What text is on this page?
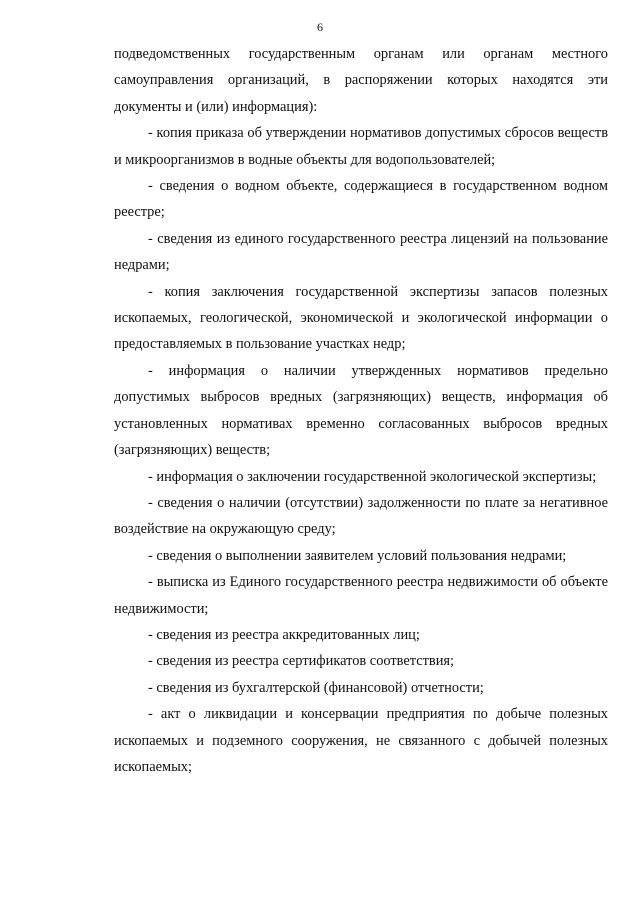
6

подведомственных государственным органам или органам местного самоуправления организаций, в распоряжении которых находятся эти документы и (или) информация):

- копия приказа об утверждении нормативов допустимых сбросов веществ и микроорганизмов в водные объекты для водопользователей;

- сведения о водном объекте, содержащиеся в государственном водном реестре;

- сведения из единого государственного реестра лицензий на пользование недрами;

- копия заключения государственной экспертизы запасов полезных ископаемых, геологической, экономической и экологической информации о предоставляемых в пользование участках недр;

- информация о наличии утвержденных нормативов предельно допустимых выбросов вредных (загрязняющих) веществ, информация об установленных нормативах временно согласованных выбросов вредных (загрязняющих) веществ;

- информация о заключении государственной экологической экспертизы;

- сведения о наличии (отсутствии) задолженности по плате за негативное воздействие на окружающую среду;

- сведения о выполнении заявителем условий пользования недрами;

- выписка из Единого государственного реестра недвижимости об объекте недвижимости;

- сведения из реестра аккредитованных лиц;

- сведения из реестра сертификатов соответствия;

- сведения из бухгалтерской (финансовой) отчетности;

- акт о ликвидации и консервации предприятия по добыче полезных ископаемых и подземного сооружения, не связанного с добычей полезных ископаемых;
